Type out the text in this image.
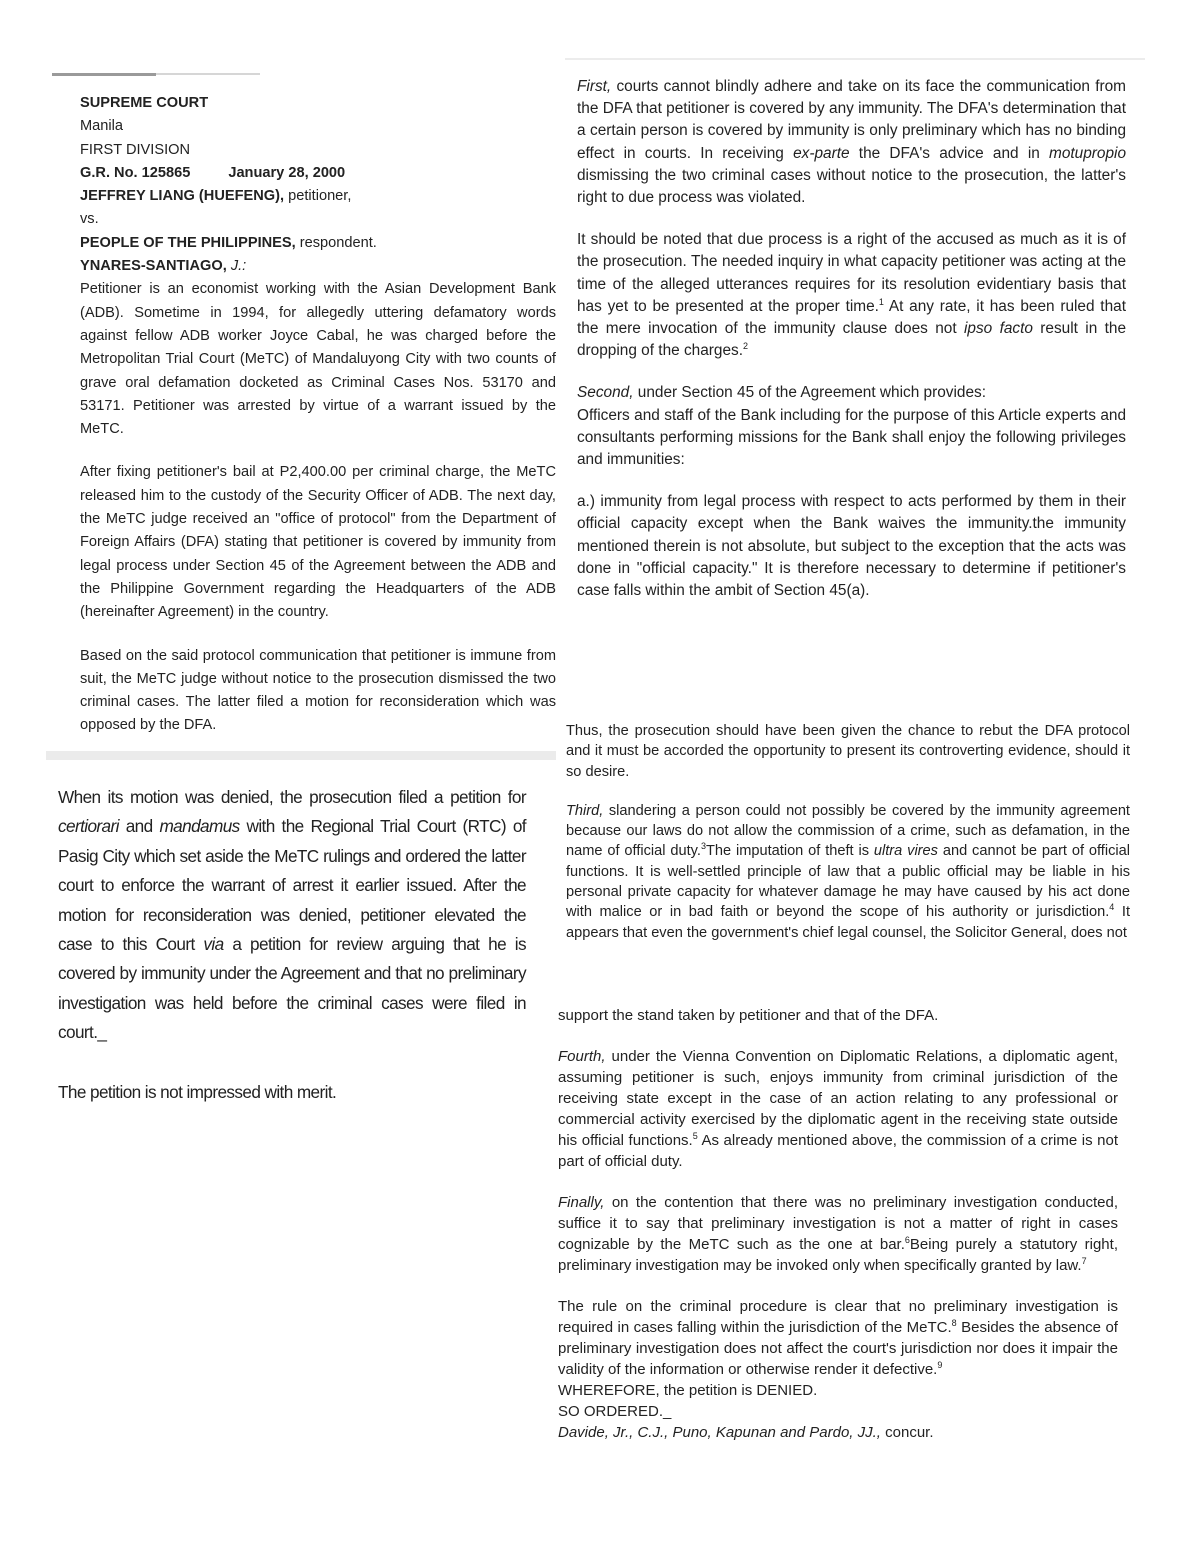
SUPREME COURT
Manila
FIRST DIVISION
G.R. No. 125865	January 28, 2000
JEFFREY LIANG (HUEFENG), petitioner,
vs.
PEOPLE OF THE PHILIPPINES, respondent.
YNARES-SANTIAGO, J.:

Petitioner is an economist working with the Asian Development Bank (ADB). Sometime in 1994, for allegedly uttering defamatory words against fellow ADB worker Joyce Cabal, he was charged before the Metropolitan Trial Court (MeTC) of Mandaluyong City with two counts of grave oral defamation docketed as Criminal Cases Nos. 53170 and 53171. Petitioner was arrested by virtue of a warrant issued by the MeTC.

After fixing petitioner's bail at P2,400.00 per criminal charge, the MeTC released him to the custody of the Security Officer of ADB. The next day, the MeTC judge received an "office of protocol" from the Department of Foreign Affairs (DFA) stating that petitioner is covered by immunity from legal process under Section 45 of the Agreement between the ADB and the Philippine Government regarding the Headquarters of the ADB (hereinafter Agreement) in the country.

Based on the said protocol communication that petitioner is immune from suit, the MeTC judge without notice to the prosecution dismissed the two criminal cases. The latter filed a motion for reconsideration which was opposed by the DFA.

When its motion was denied, the prosecution filed a petition for certiorari and mandamus with the Regional Trial Court (RTC) of Pasig City which set aside the MeTC rulings and ordered the latter court to enforce the warrant of arrest it earlier issued. After the motion for reconsideration was denied, petitioner elevated the case to this Court via a petition for review arguing that he is covered by immunity under the Agreement and that no preliminary investigation was held before the criminal cases were filed in court._

The petition is not impressed with merit.

First, courts cannot blindly adhere and take on its face the communication from the DFA that petitioner is covered by any immunity. The DFA's determination that a certain person is covered by immunity is only preliminary which has no binding effect in courts. In receiving ex-parte the DFA's advice and in motupropio dismissing the two criminal cases without notice to the prosecution, the latter's right to due process was violated.

It should be noted that due process is a right of the accused as much as it is of the prosecution. The needed inquiry in what capacity petitioner was acting at the time of the alleged utterances requires for its resolution evidentiary basis that has yet to be presented at the proper time.$^1$ At any rate, it has been ruled that the mere invocation of the immunity clause does not ipso facto result in the dropping of the charges.$^2$

Second, under Section 45 of the Agreement which provides:

Officers and staff of the Bank including for the purpose of this Article experts and consultants performing missions for the Bank shall enjoy the following privileges and immunities:

a.) immunity from legal process with respect to acts performed by them in their official capacity except when the Bank waives the immunity.the immunity mentioned therein is not absolute, but subject to the exception that the acts was done in "official capacity." It is therefore necessary to determine if petitioner's case falls within the ambit of Section 45(a).

Thus, the prosecution should have been given the chance to rebut the DFA protocol and it must be accorded the opportunity to present its controverting evidence, should it so desire.

Third, slandering a person could not possibly be covered by the immunity agreement because our laws do not allow the commission of a crime, such as defamation, in the name of official duty.$^3$The imputation of theft is ultra vires and cannot be part of official functions. It is well-settled principle of law that a public official may be liable in his personal private capacity for whatever damage he may have caused by his act done with malice or in bad faith or beyond the scope of his authority or jurisdiction.$^4$ It appears that even the government's chief legal counsel, the Solicitor General, does not

support the stand taken by petitioner and that of the DFA.

Fourth, under the Vienna Convention on Diplomatic Relations, a diplomatic agent, assuming petitioner is such, enjoys immunity from criminal jurisdiction of the receiving state except in the case of an action relating to any professional or commercial activity exercised by the diplomatic agent in the receiving state outside his official functions.$^5$ As already mentioned above, the commission of a crime is not part of official duty.

Finally, on the contention that there was no preliminary investigation conducted, suffice it to say that preliminary investigation is not a matter of right in cases cognizable by the MeTC such as the one at bar.$^6$Being purely a statutory right, preliminary investigation may be invoked only when specifically granted by law.$^7$

The rule on the criminal procedure is clear that no preliminary investigation is required in cases falling within the jurisdiction of the MeTC.$^8$ Besides the absence of preliminary investigation does not affect the court's jurisdiction nor does it impair the validity of the information or otherwise render it defective.$^9$

WHEREFORE, the petition is DENIED.

SO ORDERED._

Davide, Jr., C.J., Puno, Kapunan and Pardo, JJ., concur.
